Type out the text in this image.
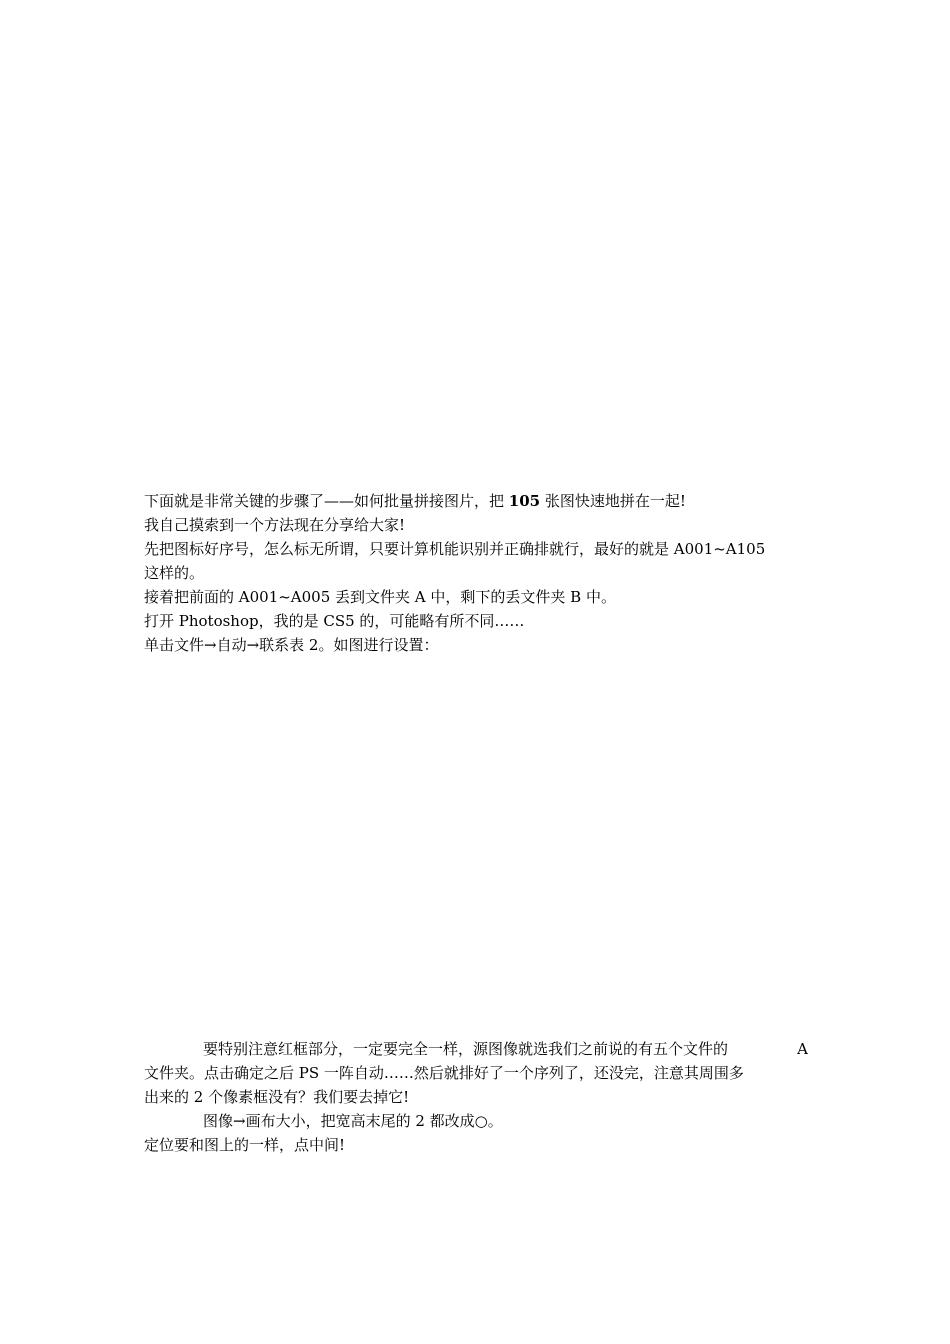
下面就是非常关键的步骤了——如何批量拼接图片，把 105 张图快速地拼在一起!
我自己摸索到一个方法现在分享给大家!
先把图标好序号，怎么标无所谓，只要计算机能识别并正确排就行，最好的就是 A001~A105
这样的。
接着把前面的 A001~A005 丢到文件夹 A 中，剩下的丢文件夹 B 中。
打开 Photoshop，我的是 CS5 的，可能略有所不同……
单击文件→自动→联系表 2。如图进行设置：
要特别注意红框部分，一定要完全一样，源图像就选我们之前说的有五个文件的	A
文件夹。点击确定之后 PS 一阵自动……然后就排好了一个序列了，还没完，注意其周围多
出来的 2 个像素框没有？我们要去掉它!
图像→画布大小，把宽高末尾的 2 都改成○。
定位要和图上的一样，点中间!
